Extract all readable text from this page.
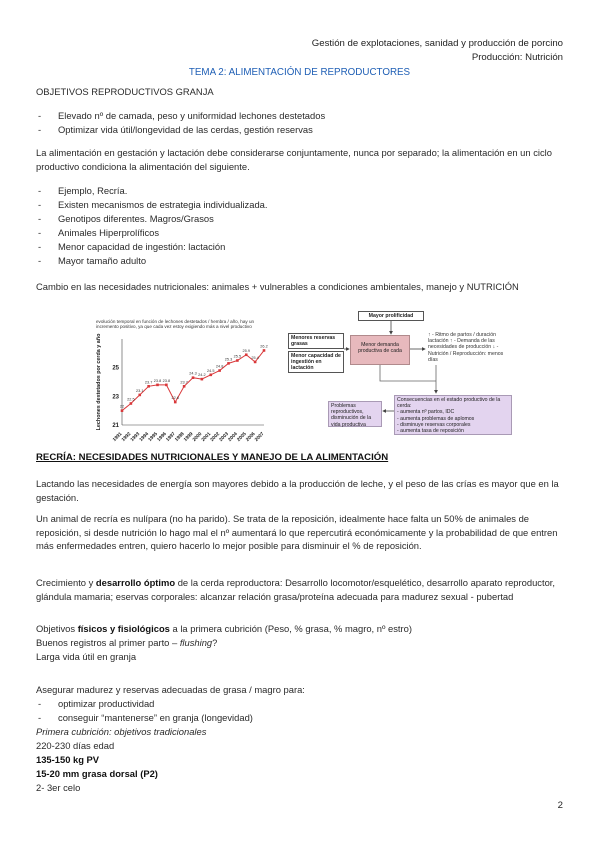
Gestión de explotaciones, sanidad y producción de porcino
Producción: Nutrición
TEMA 2: ALIMENTACIÓN DE REPRODUCTORES
OBJETIVOS REPRODUCTIVOS GRANJA
- Elevado nº de camada, peso y uniformidad lechones destetados
- Optimizar vida útil/longevidad de las cerdas, gestión reservas
La alimentación en gestación y lactación debe considerarse conjuntamente, nunca por separado; la alimentación en un ciclo productivo condiciona la alimentación del siguiente.
- Ejemplo, Recría.
- Existen mecanismos de estrategia individualizada.
- Genotipos diferentes. Magros/Grasos
- Animales Hiperprolíficos
- Menor capacidad de ingestión: lactación
- Mayor tamaño adulto
Cambio en las necesidades nutricionales: animales + vulnerables a condiciones ambientales, manejo y NUTRICIÓN
evolución temporal en función de lechones destetados / hembra / año, hay un incremento positivo, ya que cada vez estoy exigiendo más a nivel productivo
21
23
25
1991
1992
1993
1994
1995
1996
1997
1998
1999
2000
2001
2002
2003
2004
2005
2006
2007
Lechones destetados por cerda y año	22
22.5
23.1
23.7 23.8 23.8
22.6
23.7
24.3 24.2
24.5
24.8
25.3
25.5
25.9
25.4
26.2
Mayor prolificidad
Menores reservas grasas
Menor capacidad de ingestión en lactación
Menor demanda productiva de cada
↑ - Ritmo de partos / duración lactación ↑ - Demanda de las necesidades de producción ↓ - Nutrición / Reproducción: menos días
Problemas reproductivos, disminución de la vida productiva
Consecuencias en el estado productivo de la cerda:
- aumenta nº partos, IDC
- aumenta problemas de aplomos
- disminuye reservas corporales
- aumenta tasa de reposición
RECRÍA: NECESIDADES NUTRICIONALES Y MANEJO DE LA ALIMENTACIÓN
Lactando las necesidades de energía son mayores debido a la producción de leche, y el peso de las crías es mayor que en la gestación.
Un animal de recría es nulípara (no ha parido). Se trata de la reposición, idealmente hace falta un 50% de animales de reposición, si desde nutrición lo hago mal el nº aumentará lo que repercutirá económicamente y la probabilidad de que entren más enfermedades entren, quiero hacerlo lo mejor posible para disminuir el % de reposición.
Crecimiento y desarrollo óptimo de la cerda reproductora: Desarrollo locomotor/esquelético, desarrollo aparato reproductor, glándula mamaria; eservas corporales: alcanzar relación grasa/proteína adecuada para madurez sexual - pubertad
Objetivos físicos y fisiológicos a la primera cubrición (Peso, % grasa, % magro, nº estro)
Buenos registros al primer parto – flushing?
Larga vida útil en granja
Asegurar madurez y reservas adecuadas de grasa / magro para:
- optimizar productividad
- conseguir “mantenerse” en granja (longevidad)
Primera cubrición: objetivos tradicionales
220-230 días edad
135-150 kg PV
15-20 mm grasa dorsal (P2)
2- 3er celo
2
